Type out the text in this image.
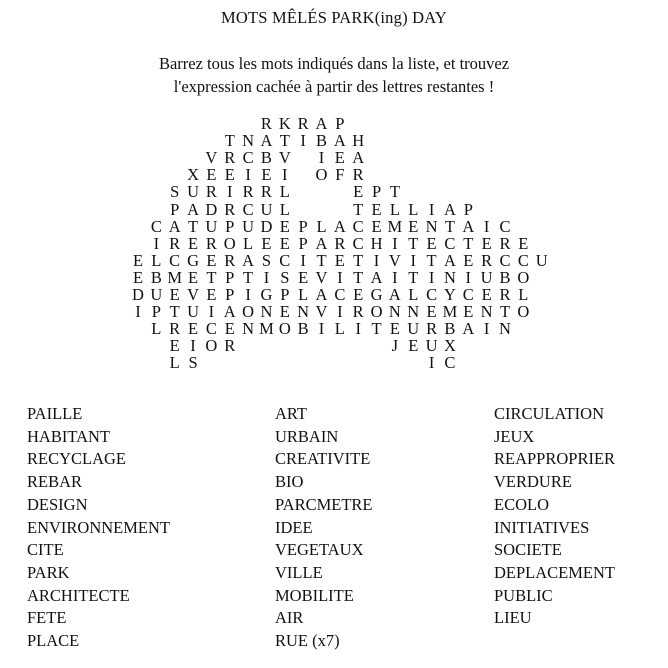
MOTS MÊLÉS PARK(ing) DAY
Barrez tous les mots indiqués dans la liste, et trouvez
l'expression cachée à partir des lettres restantes !
R K R A P
T N A T I B A H
V R C B V	I E A
X E E I E I	O F R
S U R I R R L	E P T
P A D R C U L	T E L L I A P
C A T U P U D E P L A C E M E N T A I C
I R E R O L E E P A R C H I T E C T E R E
E L C G E R A S C I T E T I V I T A E R C C U
E B M E T P T I S E V I T A I T I N I U B O
D U E V E P I G P L A C E G A L C Y C E R L
I P T U I A O N E N V I R O N N E M E N T O
L R E C E N M O B I L I T E U R B A I N
E I O R	J E U X
L S	I C
PAILLE
HABITANT
RECYCLAGE
REBAR
DESIGN
ENVIRONNEMENT
CITE
PARK
ARCHITECTE
FETE
PLACE
ART
URBAIN
CREATIVITE
BIO
PARCMETRE
IDEE
VEGETAUX
VILLE
MOBILITE
AIR
RUE (x7)
CIRCULATION
JEUX
REAPPROPRIER
VERDURE
ECOLO
INITIATIVES
SOCIETE
DEPLACEMENT
PUBLIC
LIEU
